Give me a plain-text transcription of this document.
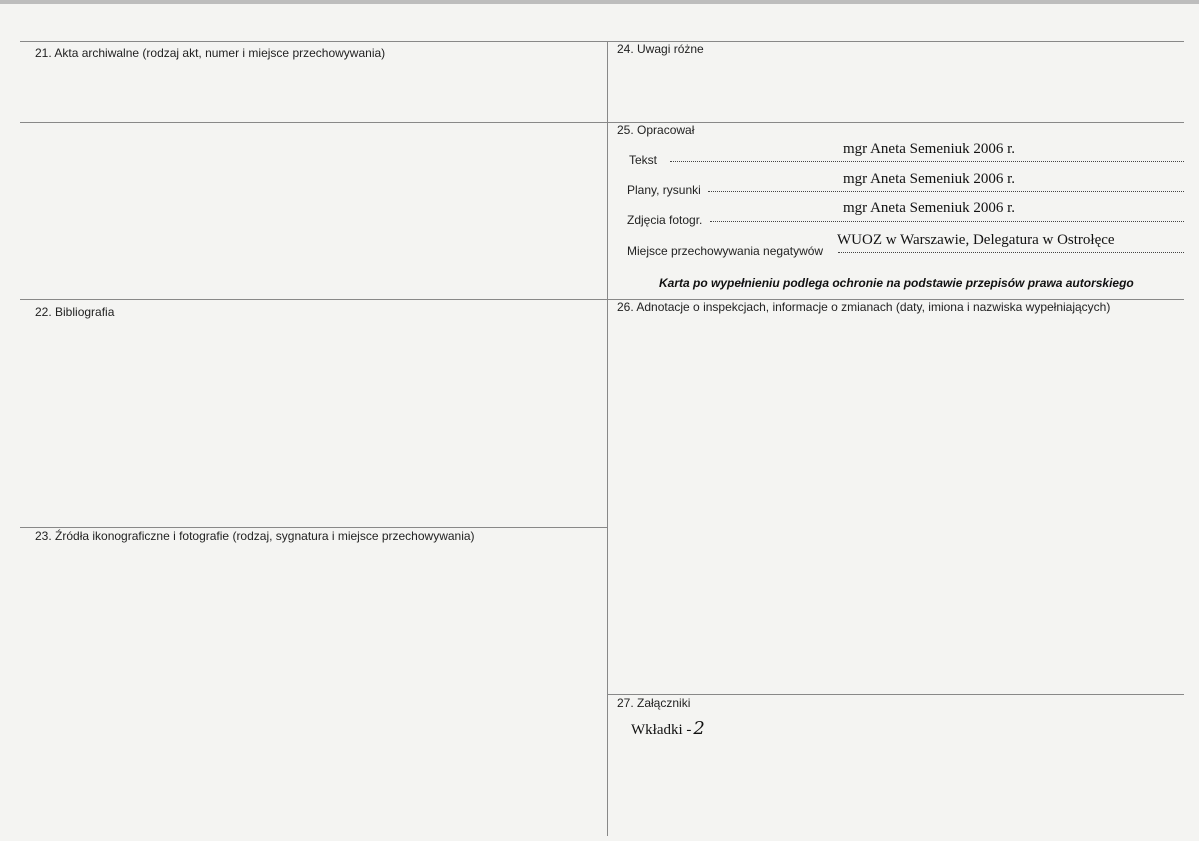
21. Akta archiwalne (rodzaj akt, numer i miejsce przechowywania)
22. Bibliografia
23. Źródła ikonograficzne i fotografie (rodzaj, sygnatura i miejsce przechowywania)
24. Uwagi różne
25. Opracował
Tekst
mgr Aneta Semeniuk 2006 r.
Plany, rysunki
mgr Aneta Semeniuk 2006 r.
Zdjęcia fotogr.
mgr Aneta Semeniuk 2006 r.
Miejsce przechowywania negatywów
WUOZ w Warszawie, Delegatura w Ostrołęce
Karta po wypełnieniu podlega ochronie na podstawie przepisów prawa autorskiego
26. Adnotacje o inspekcjach, informacje o zmianach (daty, imiona i nazwiska wypełniających)
27. Załączniki
Wkładki - 2
